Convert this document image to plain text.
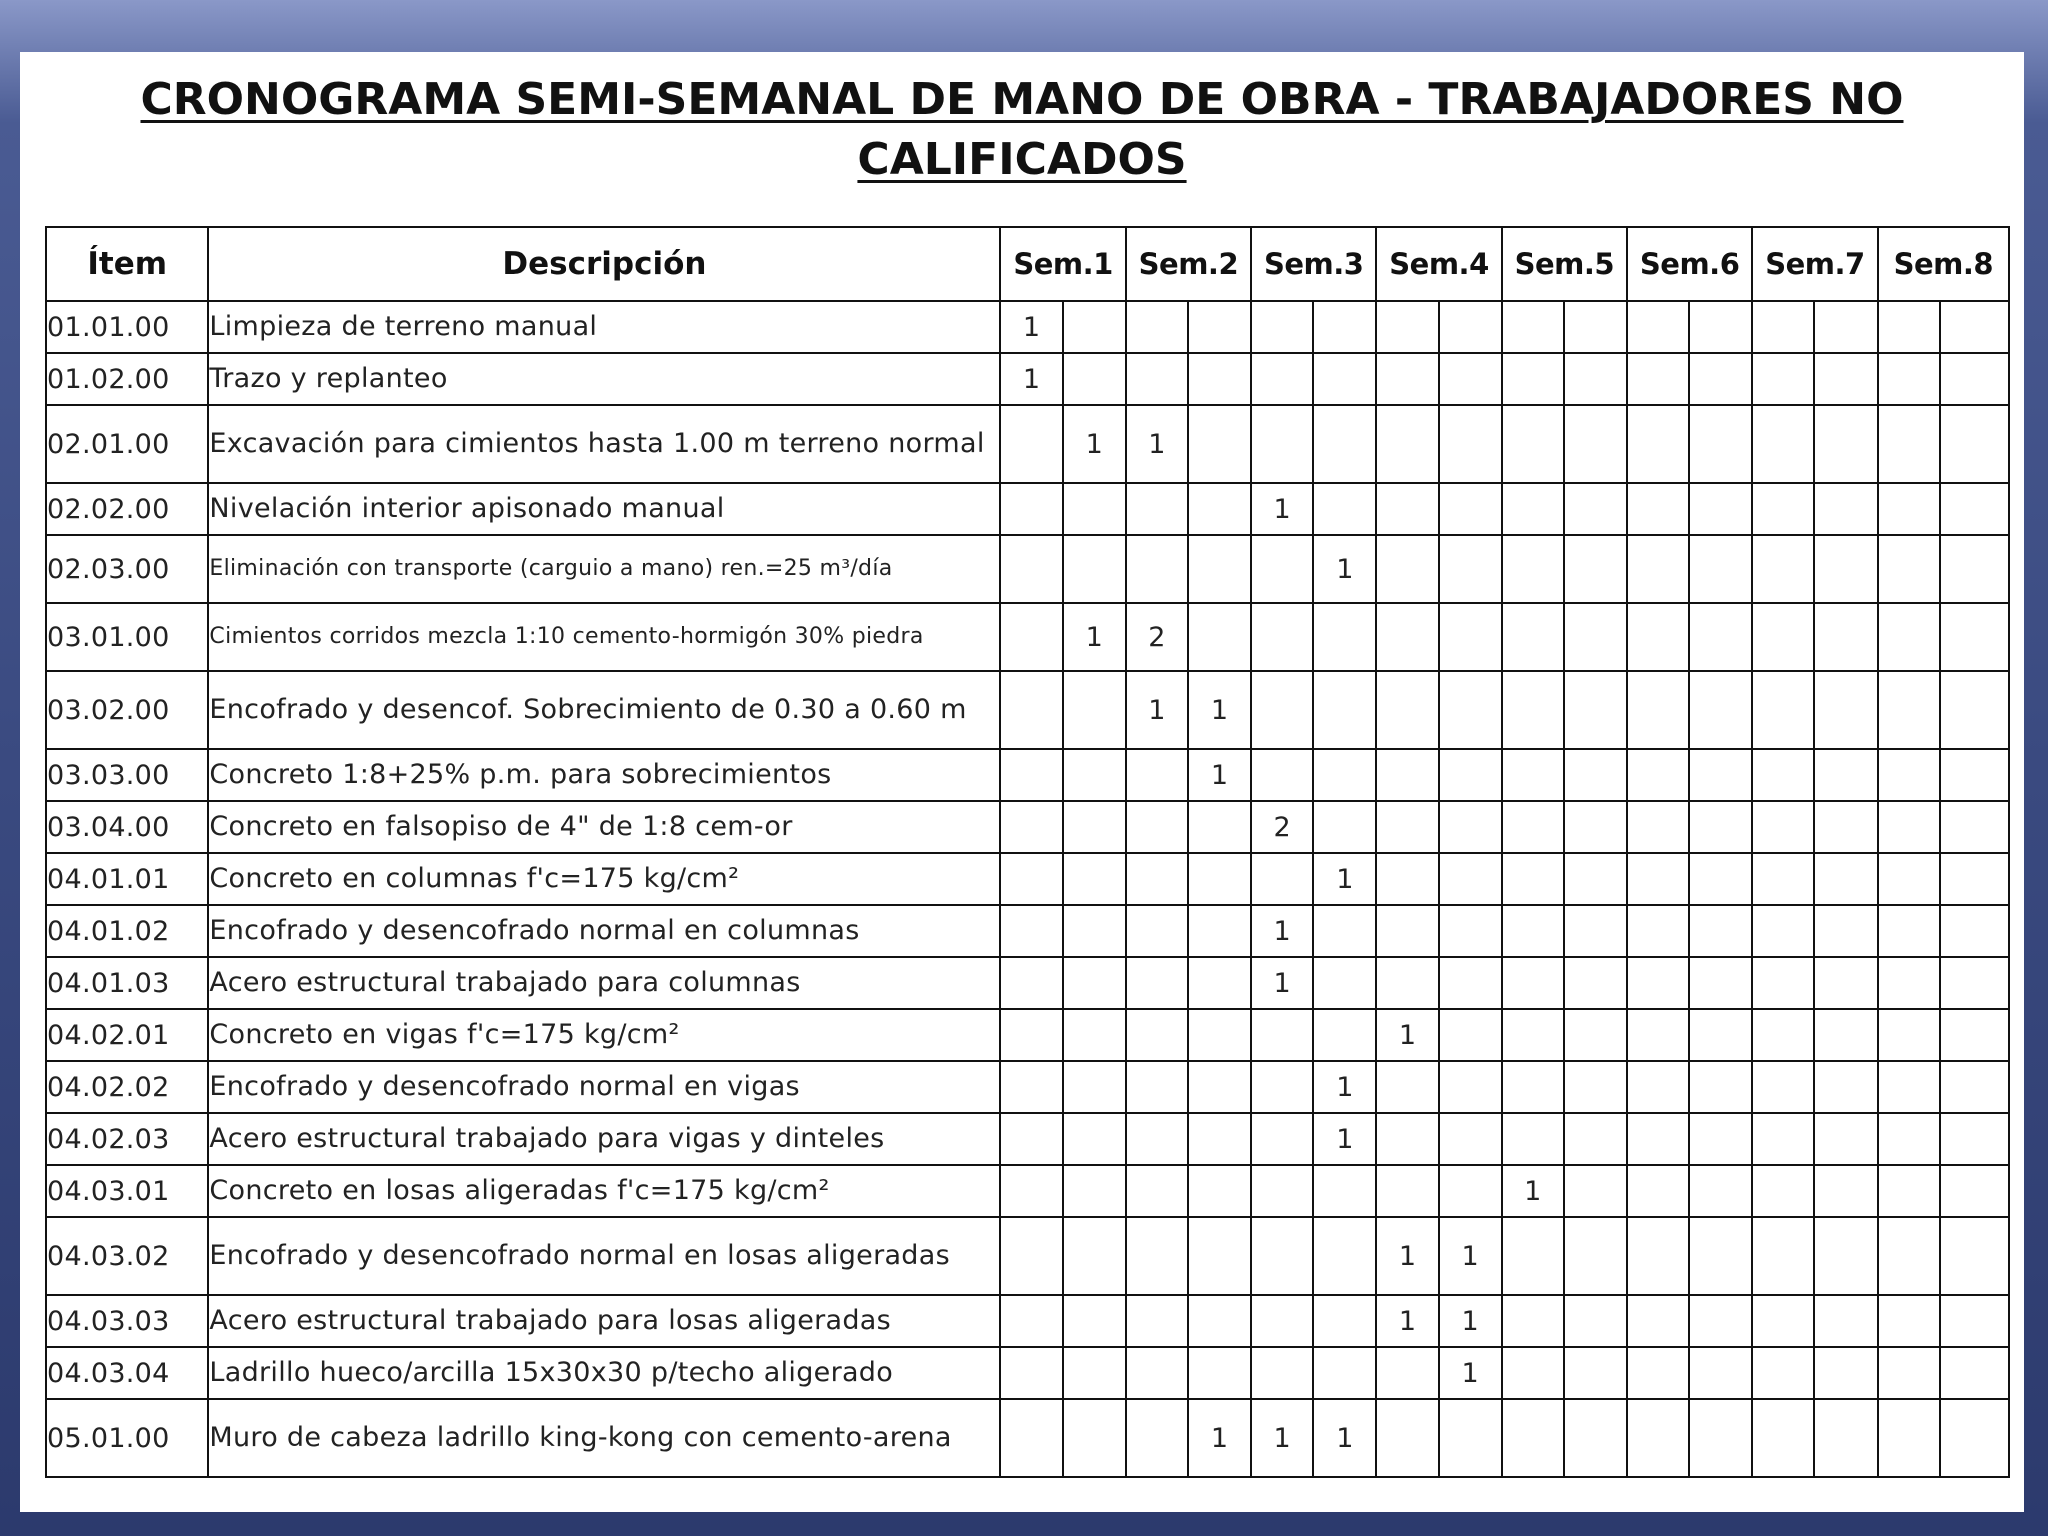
CRONOGRAMA SEMI-SEMANAL DE MANO DE OBRA - TRABAJADORES NO
CALIFICADOS
Ítem	Descripción	Sem.1		Sem.2		Sem.3		Sem.4		Sem.5		Sem.6		Sem.7		Sem.8	
01.01.00	Limpieza de terreno manual	1															
01.02.00	Trazo y replanteo	1															
02.01.00	Excavación para cimientos hasta 1.00 m terreno normal		1	1													
02.02.00	Nivelación interior apisonado manual					1											
02.03.00	Eliminación con transporte (carguio a mano) ren.=25 m³/día						1										
03.01.00	Cimientos corridos mezcla 1:10 cemento-hormigón 30% piedra		1	2													
03.02.00	Encofrado y desencof. Sobrecimiento de 0.30 a 0.60 m			1	1												
03.03.00	Concreto 1:8+25% p.m. para sobrecimientos				1												
03.04.00	Concreto en falsopiso de 4" de 1:8 cem-or					2											
04.01.01	Concreto en columnas f'c=175 kg/cm²						1										
04.01.02	Encofrado y desencofrado normal en columnas					1											
04.01.03	Acero estructural trabajado para columnas					1											
04.02.01	Concreto en vigas f'c=175 kg/cm²							1									
04.02.02	Encofrado y desencofrado normal en vigas						1										
04.02.03	Acero estructural trabajado para vigas y dinteles						1										
04.03.01	Concreto en losas aligeradas f'c=175 kg/cm²									1							
04.03.02	Encofrado y desencofrado normal en losas aligeradas							1	1								
04.03.03	Acero estructural trabajado para losas aligeradas							1	1								
04.03.04	Ladrillo hueco/arcilla 15x30x30 p/techo aligerado								1								
05.01.00	Muro de cabeza ladrillo king-kong con cemento-arena				1	1	1										
